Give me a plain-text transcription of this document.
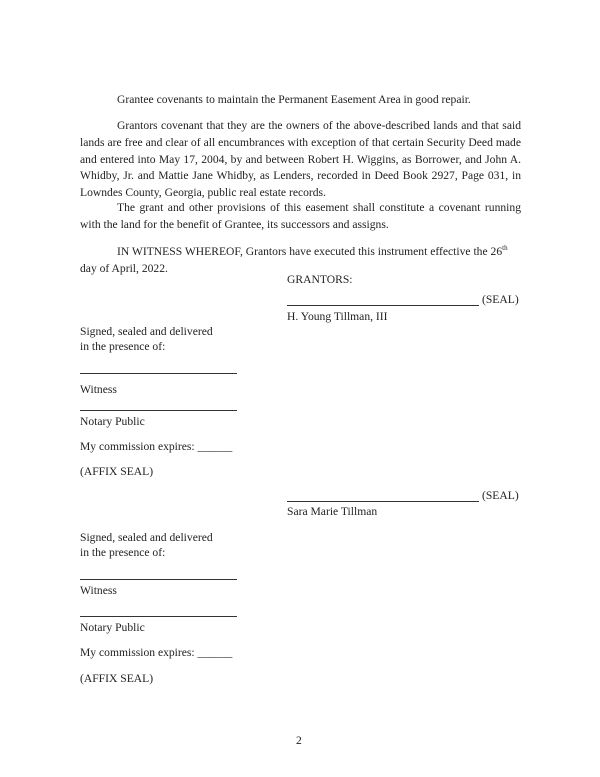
Grantee covenants to maintain the Permanent Easement Area in good repair.

Grantors covenant that they are the owners of the above-described lands and that said lands are free and clear of all encumbrances with exception of that certain Security Deed made and entered into May 17, 2004, by and between Robert H. Wiggins, as Borrower, and John A. Whidby, Jr. and Mattie Jane Whidby, as Lenders, recorded in Deed Book 2927, Page 031, in Lowndes County, Georgia, public real estate records.

The grant and other provisions of this easement shall constitute a covenant running with the land for the benefit of Grantee, its successors and assigns.

IN WITNESS WHEREOF, Grantors have executed this instrument effective the 26th day of April, 2022.

GRANTORS:
(SEAL)
H. Young Tillman, III
Signed, sealed and delivered
in the presence of:
Witness
Notary Public
My commission expires: ______
(AFFIX SEAL)
(SEAL)
Sara Marie Tillman
Signed, sealed and delivered
in the presence of:
Witness
Notary Public
My commission expires: ______
(AFFIX SEAL)
2
